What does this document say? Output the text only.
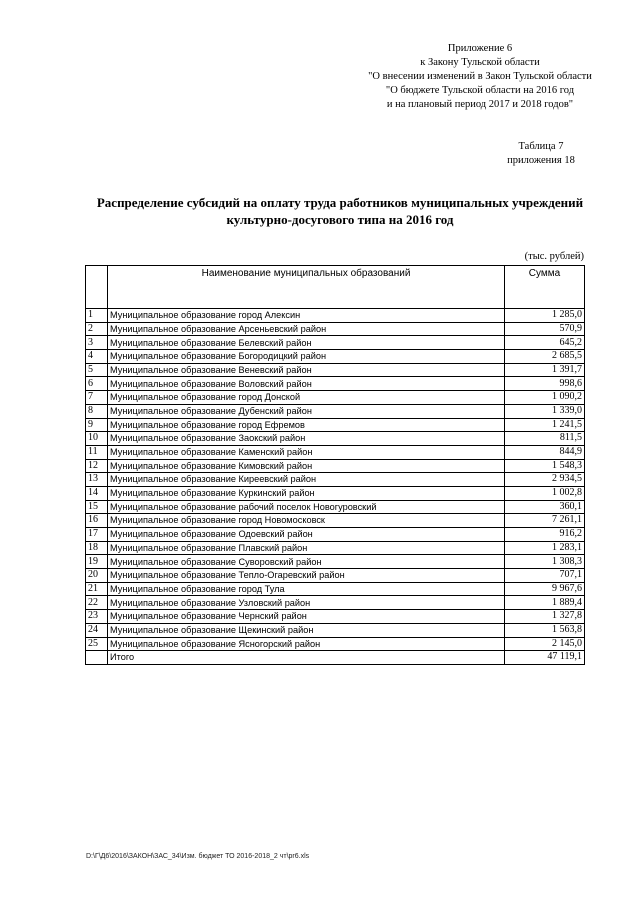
Приложение 6
к Закону Тульской области
"О внесении изменений в Закон Тульской области
"О бюджете Тульской области на 2016 год
и на плановый период 2017 и 2018 годов"
Таблица 7
приложения 18
Распределение субсидий на оплату труда работников муниципальных учреждений
культурно-досугового типа на 2016 год
(тыс. рублей)
	Наименование муниципальных образований	Сумма
1	Муниципальное образование город Алексин	1 285,0
2	Муниципальное образование Арсеньевский район	570,9
3	Муниципальное образование Белевский район	645,2
4	Муниципальное образование Богородицкий район	2 685,5
5	Муниципальное образование Веневский район	1 391,7
6	Муниципальное образование Воловский район	998,6
7	Муниципальное образование город Донской	1 090,2
8	Муниципальное образование Дубенский район	1 339,0
9	Муниципальное образование город Ефремов	1 241,5
10	Муниципальное образование Заокский район	811,5
11	Муниципальное образование Каменский район	844,9
12	Муниципальное образование Кимовский район	1 548,3
13	Муниципальное образование Киреевский район	2 934,5
14	Муниципальное образование Куркинский район	1 002,8
15	Муниципальное образование рабочий поселок Новогуровский	360,1
16	Муниципальное образование город Новомосковск	7 261,1
17	Муниципальное образование Одоевский район	916,2
18	Муниципальное образование Плавский район	1 283,1
19	Муниципальное образование Суворовский район	1 308,3
20	Муниципальное образование Тепло-Огаревский район	707,1
21	Муниципальное образование город Тула	9 967,6
22	Муниципальное образование Узловский район	1 889,4
23	Муниципальное образование Чернский район	1 327,8
24	Муниципальное образование Щекинский район	1 563,8
25	Муниципальное образование Ясногорский район	2 145,0
	Итого	47 119,1
D:\Г\Д6\2016\ЗАКОН\ЗАС_34\Изм. бюджет ТО 2016-2018_2 чт\pr6.xls
